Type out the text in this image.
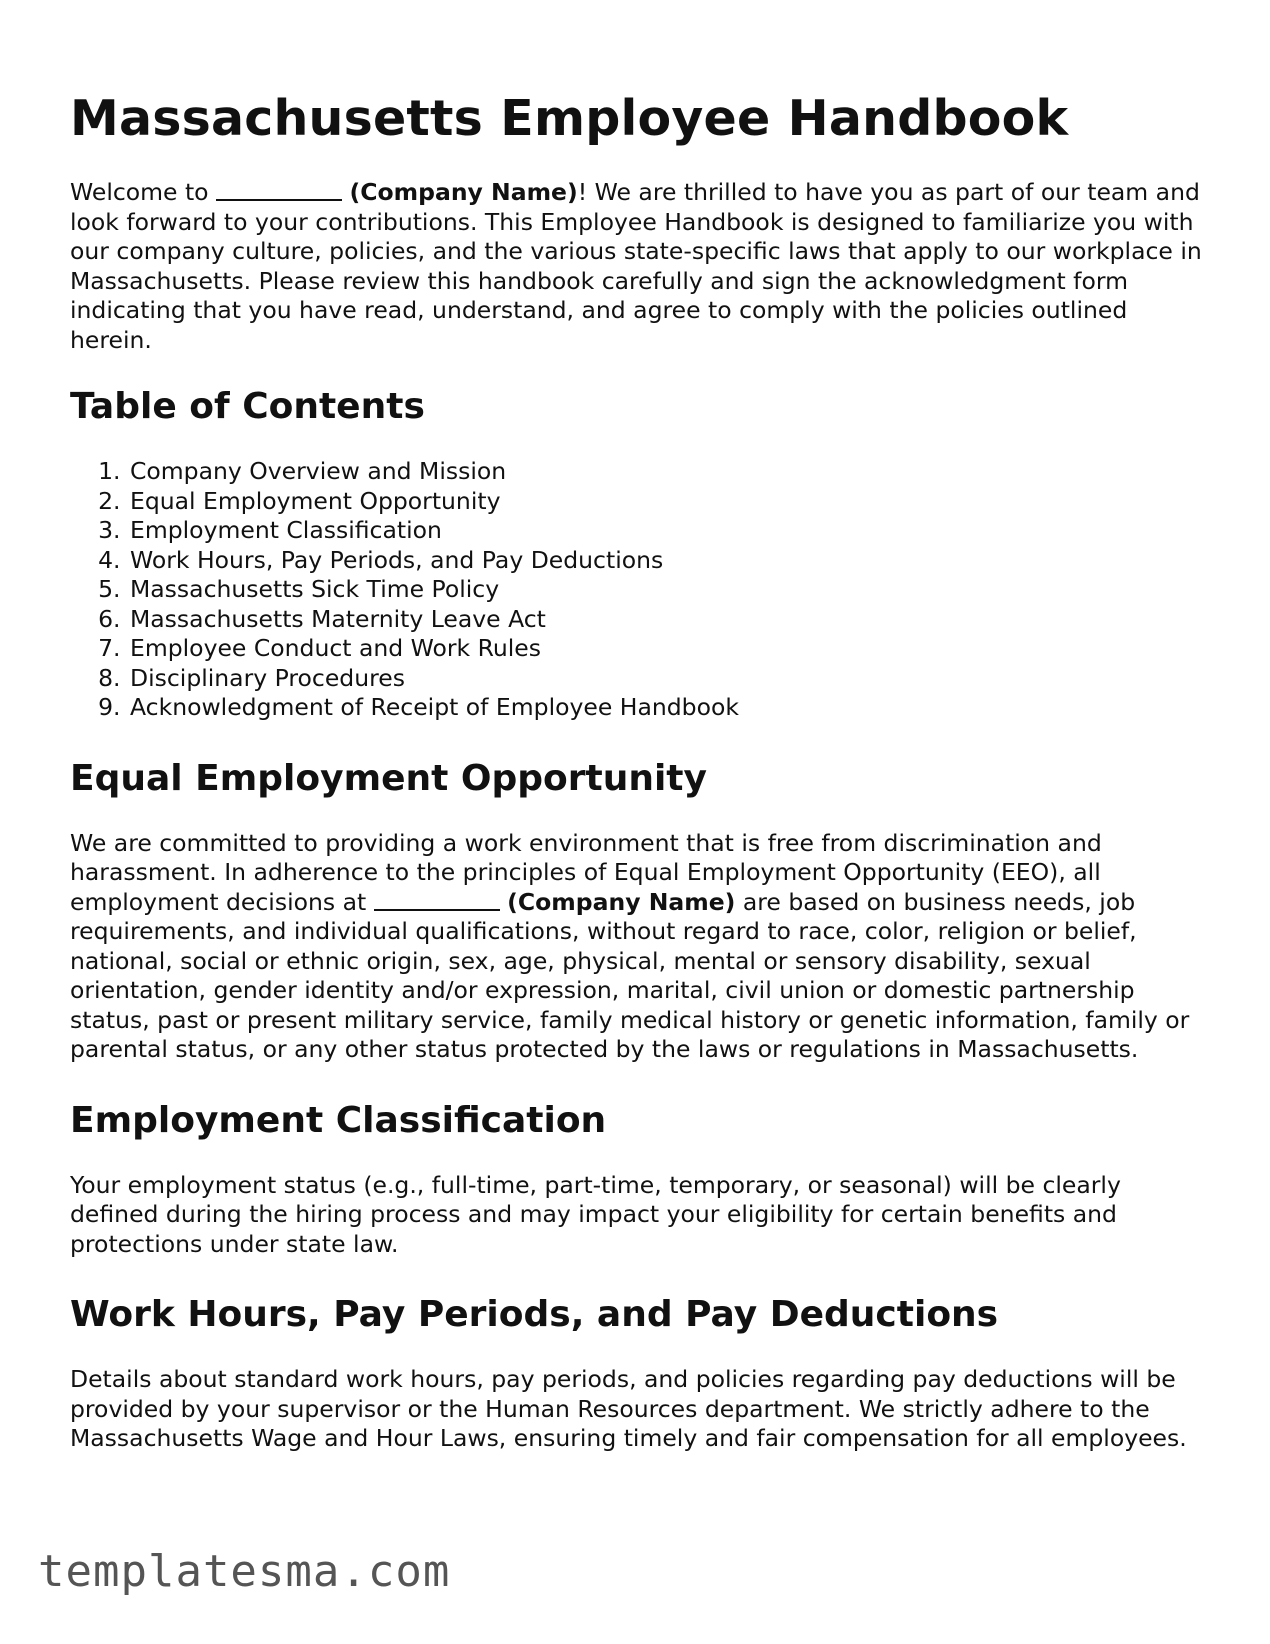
Massachusetts Employee Handbook

Welcome to	(Company Name)! We are thrilled to have you as part of our team and look forward to your contributions. This Employee Handbook is designed to familiarize you with our company culture, policies, and the various state-specific laws that apply to our workplace in Massachusetts. Please review this handbook carefully and sign the acknowledgment form indicating that you have read, understand, and agree to comply with the policies outlined herein.

Table of Contents
1. Company Overview and Mission
2. Equal Employment Opportunity
3. Employment Classification
4. Work Hours, Pay Periods, and Pay Deductions
5. Massachusetts Sick Time Policy
6. Massachusetts Maternity Leave Act
7. Employee Conduct and Work Rules
8. Disciplinary Procedures
9. Acknowledgment of Receipt of Employee Handbook
Equal Employment Opportunity

We are committed to providing a work environment that is free from discrimination and harassment. In adherence to the principles of Equal Employment Opportunity (EEO), all employment decisions at	(Company Name) are based on business needs, job requirements, and individual qualifications, without regard to race, color, religion or belief, national, social or ethnic origin, sex, age, physical, mental or sensory disability, sexual orientation, gender identity and/or expression, marital, civil union or domestic partnership status, past or present military service, family medical history or genetic information, family or parental status, or any other status protected by the laws or regulations in Massachusetts.

Employment Classification

Your employment status (e.g., full-time, part-time, temporary, or seasonal) will be clearly defined during the hiring process and may impact your eligibility for certain benefits and protections under state law.

Work Hours, Pay Periods, and Pay Deductions

Details about standard work hours, pay periods, and policies regarding pay deductions will be provided by your supervisor or the Human Resources department. We strictly adhere to the Massachusetts Wage and Hour Laws, ensuring timely and fair compensation for all employees.

templatesma.com
